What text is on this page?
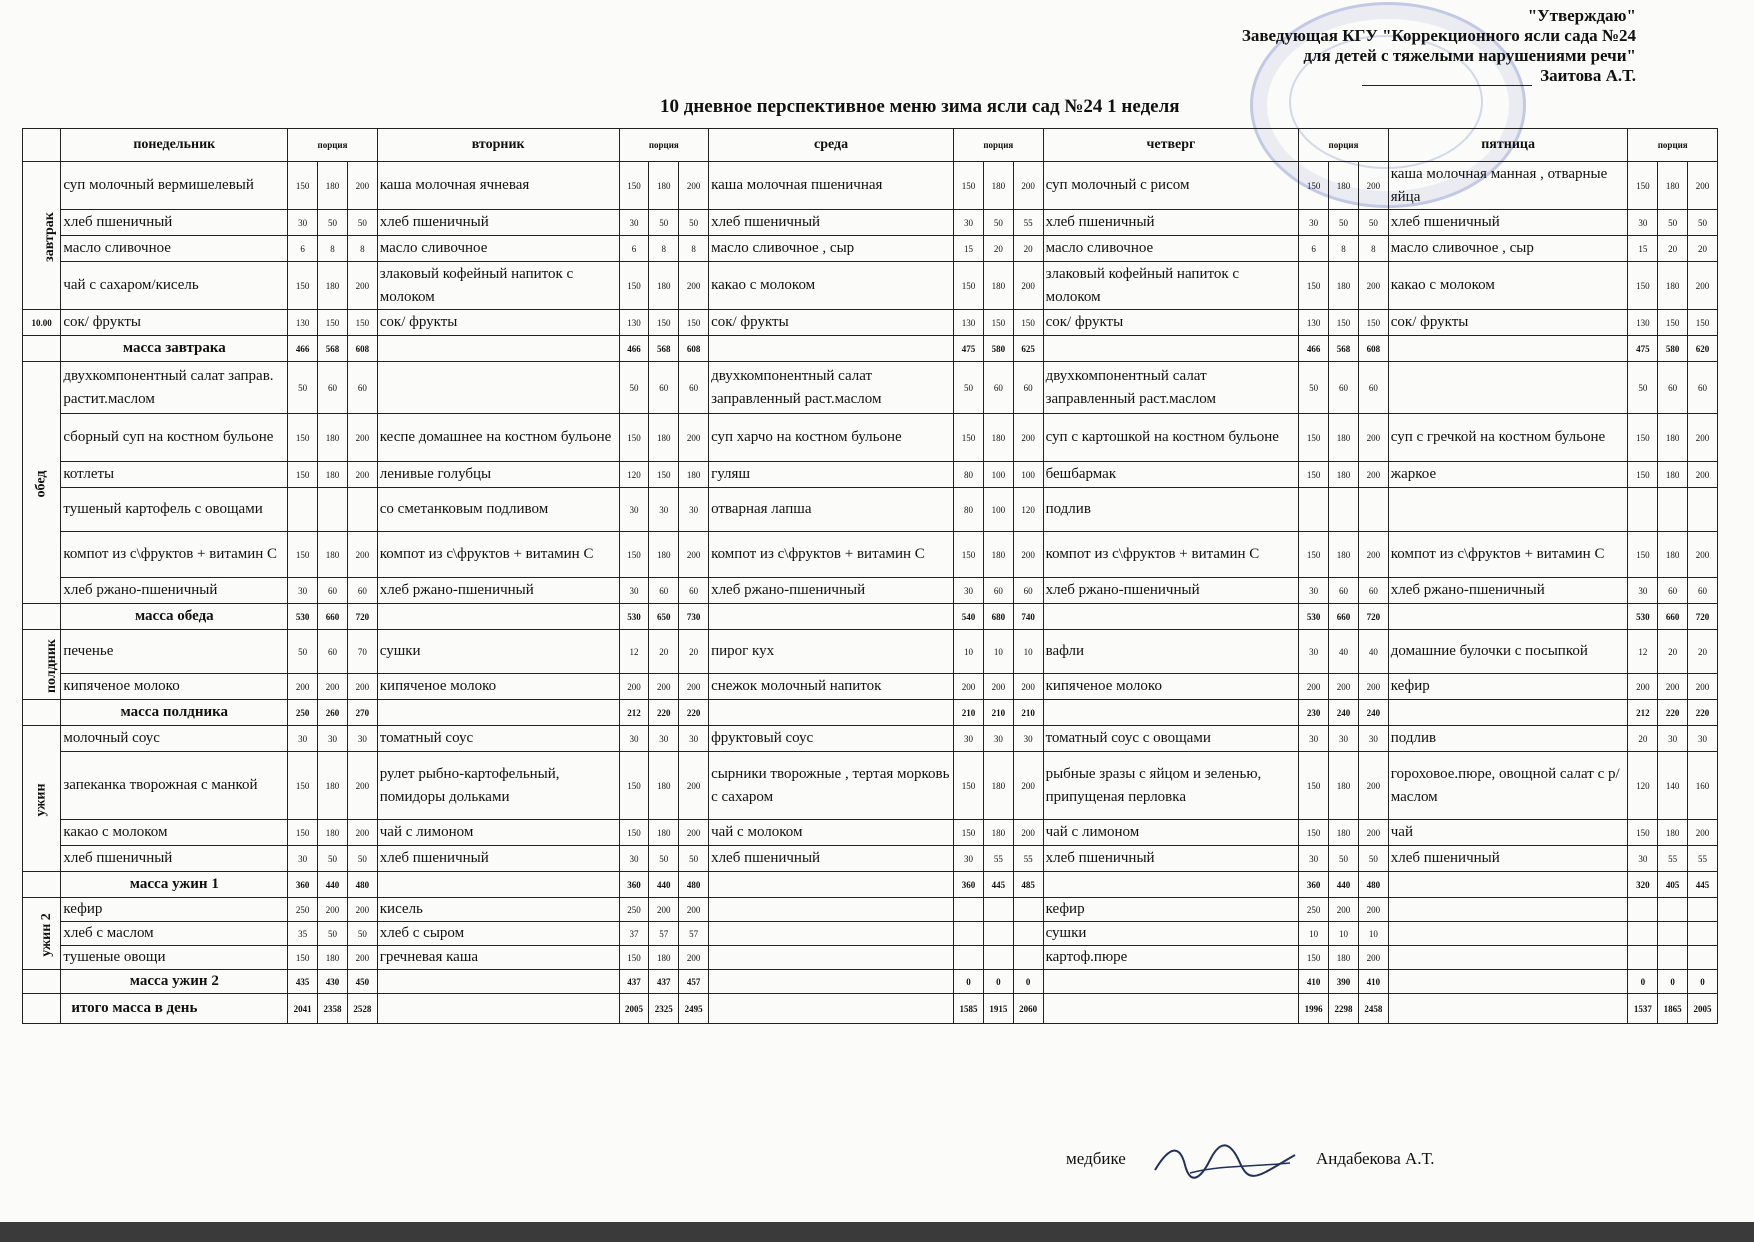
"Утверждаю"
Заведующая КГУ "Коррекционного ясли сада №24
для детей с тяжелыми нарушениями речи"
Заитова А.Т.
10 дневное перспективное меню зима ясли сад №24 1 неделя
	понедельник	порция			вторник	порция			среда	порция			четверг	порция			пятница	порция		
завтрак	суп молочный вермишелевый	150	180	200	каша молочная ячневая	150	180	200	каша молочная пшеничная	150	180	200	суп молочный с рисом	150	180	200	каша молочная манная , отварные яйца	150	180	200
	хлеб пшеничный	30	50	50	хлеб пшеничный	30	50	50	хлеб пшеничный	30	50	55	хлеб пшеничный	30	50	50	хлеб пшеничный	30	50	50
	масло сливочное	6	8	8	масло сливочное	6	8	8	масло сливочное , сыр	15	20	20	масло сливочное	6	8	8	масло сливочное , сыр	15	20	20
	чай с сахаром/кисель	150	180	200	злаковый кофейный напиток с молоком	150	180	200	какао с молоком	150	180	200	злаковый кофейный напиток с молоком	150	180	200	какао с молоком	150	180	200
10.00	сок/ фрукты	130	150	150	сок/ фрукты	130	150	150	сок/ фрукты	130	150	150	сок/ фрукты	130	150	150	сок/ фрукты	130	150	150
	масса завтрака	466	568	608		466	568	608		475	580	625		466	568	608		475	580	620
обед	двухкомпонентный салат заправ. растит.маслом	50	60	60		50	60	60	двухкомпонентный салат заправленный раст.маслом	50	60	60	двухкомпонентный салат заправленный раст.маслом	50	60	60		50	60	60
	сборный суп на костном бульоне	150	180	200	кеспе домашнее на костном бульоне	150	180	200	суп харчо на костном бульоне	150	180	200	суп с картошкой на костном бульоне	150	180	200	суп с гречкой на костном бульоне	150	180	200
	котлеты	150	180	200	ленивые голубцы	120	150	180	гуляш	80	100	100	бешбармак	150	180	200	жаркое	150	180	200
	тушеный картофель с овощами				со сметанковым подливом	30	30	30	отварная лапша	80	100	120	подлив							
	компот из с\фруктов + витамин С	150	180	200	компот из с\фруктов + витамин С	150	180	200	компот из с\фруктов + витамин С	150	180	200	компот из с\фруктов + витамин С	150	180	200	компот из с\фруктов + витамин С	150	180	200
	хлеб ржано-пшеничный	30	60	60	хлеб ржано-пшеничный	30	60	60	хлеб ржано-пшеничный	30	60	60	хлеб ржано-пшеничный	30	60	60	хлеб ржано-пшеничный	30	60	60
	масса обеда	530	660	720		530	650	730		540	680	740		530	660	720		530	660	720
полдник	печенье	50	60	70	сушки	12	20	20	пирог кух	10	10	10	вафли	30	40	40	домашние булочки с посыпкой	12	20	20
	кипяченое молоко	200	200	200	кипяченое молоко	200	200	200	снежок молочный напиток	200	200	200	кипяченое молоко	200	200	200	кефир	200	200	200
	масса полдника	250	260	270		212	220	220		210	210	210		230	240	240		212	220	220
ужин	молочный соус	30	30	30	томатный соус	30	30	30	фруктовый соус	30	30	30	томатный соус с овощами	30	30	30	подлив	20	30	30
	запеканка творожная с манкой	150	180	200	рулет рыбно-картофельный, помидоры дольками	150	180	200	сырники творожные , тертая морковь с сахаром	150	180	200	рыбные зразы с яйцом и зеленью, припущеная перловка	150	180	200	гороховое.пюре, овощной салат с р/маслом	120	140	160
	какао с молоком	150	180	200	чай с лимоном	150	180	200	чай с молоком	150	180	200	чай с лимоном	150	180	200	чай	150	180	200
	хлеб пшеничный	30	50	50	хлеб пшеничный	30	50	50	хлеб пшеничный	30	55	55	хлеб пшеничный	30	50	50	хлеб пшеничный	30	55	55
	масса ужин 1	360	440	480		360	440	480		360	445	485		360	440	480		320	405	445
ужин 2	кефир	250	200	200	кисель	250	200	200					кефир	250	200	200				
	хлеб с маслом	35	50	50	хлеб с сыром	37	57	57					сушки	10	10	10				
	тушеные овощи	150	180	200	гречневая каша	150	180	200					картоф.пюре	150	180	200				
	масса ужин 2	435	430	450		437	437	457		0	0	0		410	390	410		0	0	0
	итого масса в день	2041	2358	2528		2005	2325	2495		1585	1915	2060		1996	2298	2458		1537	1865	2005
медбике	Андабекова А.Т.
